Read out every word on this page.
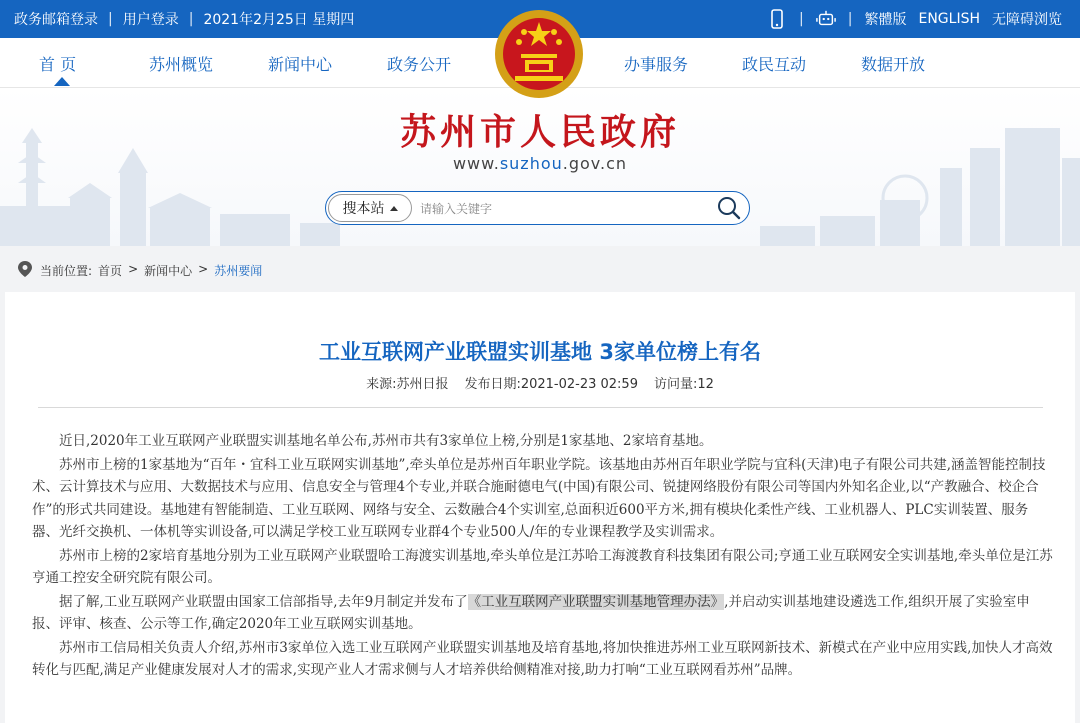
政务邮箱登录 | 用户登录 | 2021年2月25日 星期四	|	| 繁體版 ENGLISH 无障碍浏览
首 页	苏州概览	新闻中心	政务公开	办事服务	政民互动	数据开放
苏州市人民政府
www.suzhou.gov.cn
搜本站	请输入关键字
当前位置: 首页 > 新闻中心 > 苏州要闻
工业互联网产业联盟实训基地 3家单位榜上有名
来源:苏州日报 发布日期:2021-02-23 02:59 访问量:12

近日,2020年工业互联网产业联盟实训基地名单公布,苏州市共有3家单位上榜,分别是1家基地、2家培育基地。

苏州市上榜的1家基地为“百年・宜科工业互联网实训基地”,牵头单位是苏州百年职业学院。该基地由苏州百年职业学院与宜科(天津)电子有限公司共建,涵盖智能控制技术、云计算技术与应用、大数据技术与应用、信息安全与管理4个专业,并联合施耐德电气(中国)有限公司、锐捷网络股份有限公司等国内外知名企业,以“产教融合、校企合作”的形式共同建设。基地建有智能制造、工业互联网、网络与安全、云数融合4个实训室,总面积近600平方米,拥有模块化柔性产线、工业机器人、PLC实训装置、服务器、光纤交换机、一体机等实训设备,可以满足学校工业互联网专业群4个专业500人/年的专业课程教学及实训需求。

苏州市上榜的2家培育基地分别为工业互联网产业联盟哈工海渡实训基地,牵头单位是江苏哈工海渡教育科技集团有限公司;亨通工业互联网安全实训基地,牵头单位是江苏亨通工控安全研究院有限公司。

据了解,工业互联网产业联盟由国家工信部指导,去年9月制定并发布了《工业互联网产业联盟实训基地管理办法》,并启动实训基地建设遴选工作,组织开展了实验室申报、评审、核查、公示等工作,确定2020年工业互联网实训基地。

苏州市工信局相关负责人介绍,苏州市3家单位入选工业互联网产业联盟实训基地及培育基地,将加快推进苏州工业互联网新技术、新模式在产业中应用实践,加快人才高效转化与匹配,满足产业健康发展对人才的需求,实现产业人才需求侧与人才培养供给侧精准对接,助力打响“工业互联网看苏州”品牌。
